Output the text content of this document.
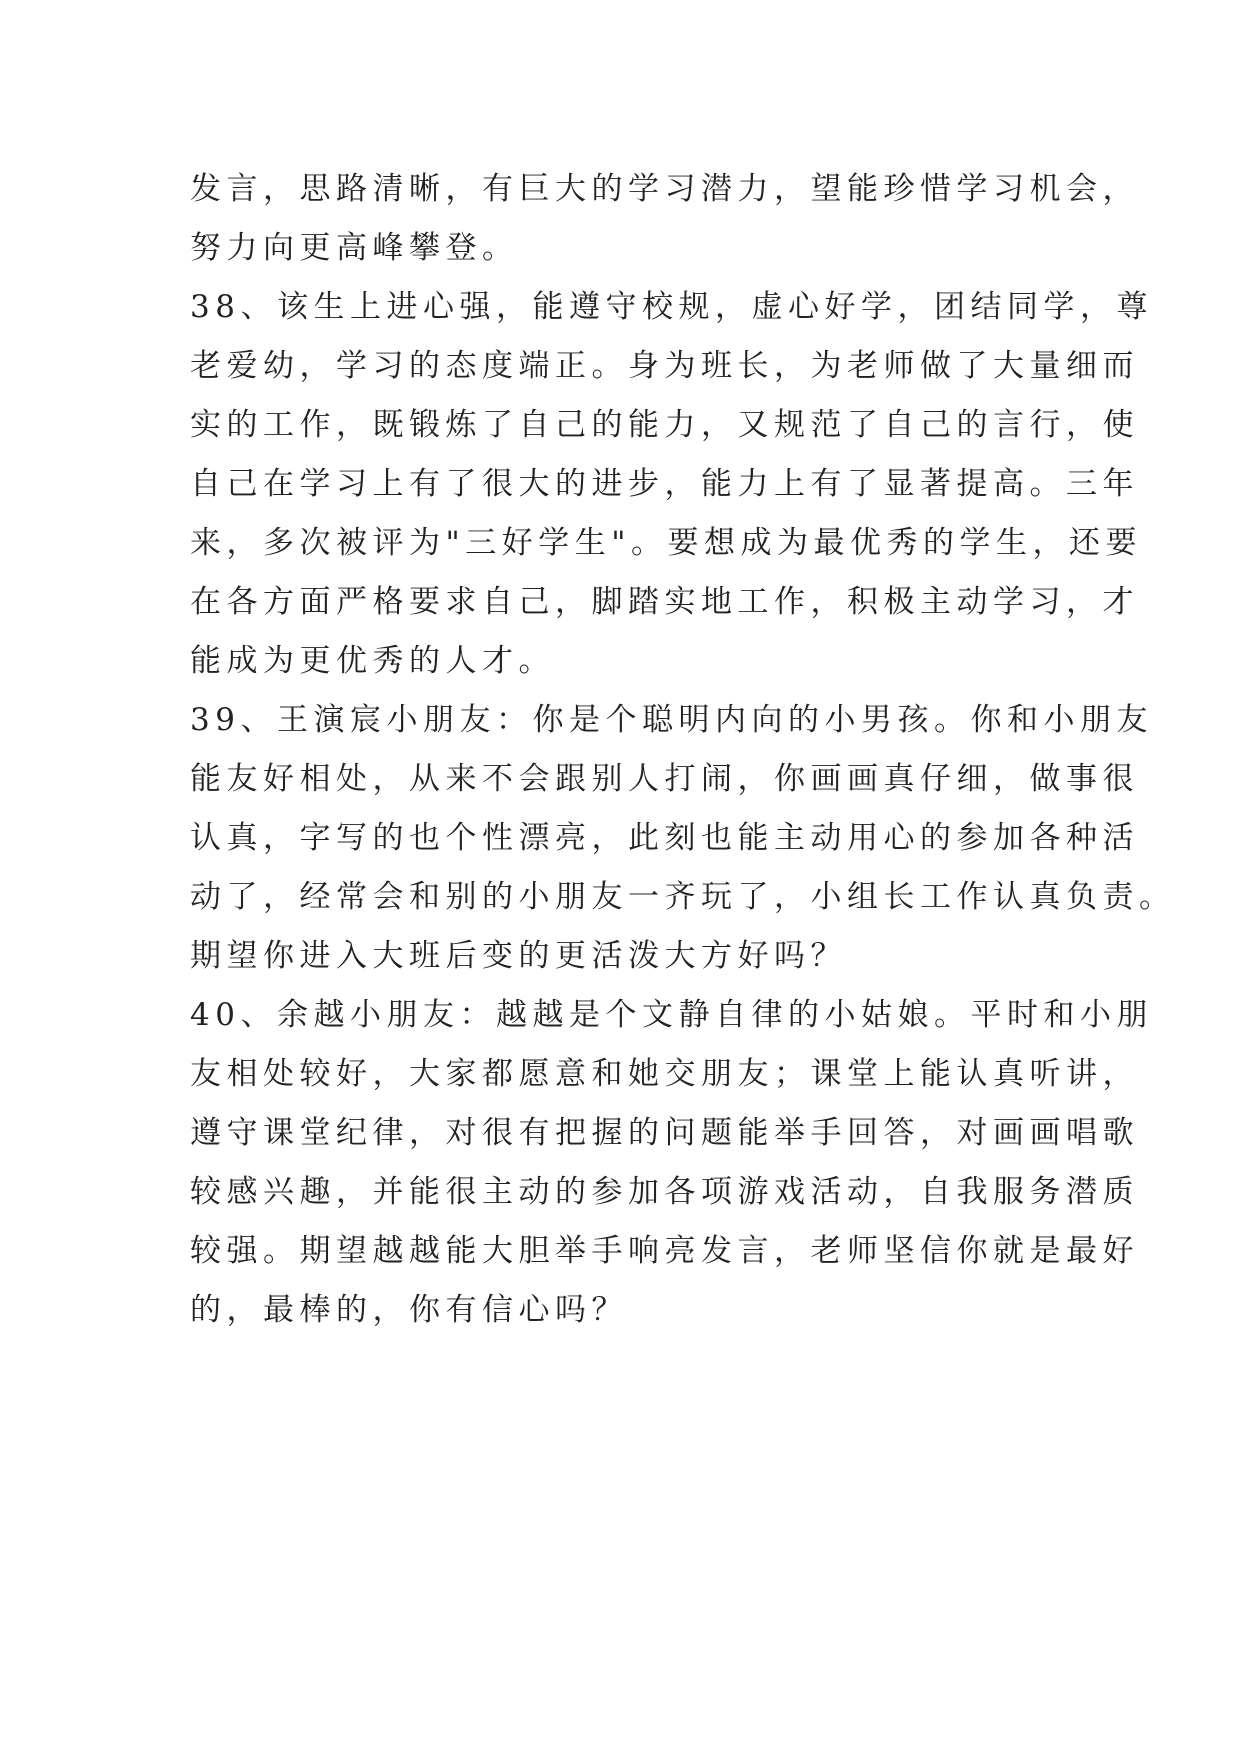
发言，思路清晰，有巨大的学习潜力，望能珍惜学习机会，
努力向更高峰攀登。
38、该生上进心强，能遵守校规，虚心好学，团结同学，尊
老爱幼，学习的态度端正。身为班长，为老师做了大量细而
实的工作，既锻炼了自己的能力，又规范了自己的言行，使
自己在学习上有了很大的进步，能力上有了显著提高。三年
来，多次被评为"三好学生"。要想成为最优秀的学生，还要
在各方面严格要求自己，脚踏实地工作，积极主动学习，才
能成为更优秀的人才。
39、王演宸小朋友：你是个聪明内向的小男孩。你和小朋友
能友好相处，从来不会跟别人打闹，你画画真仔细，做事很
认真，字写的也个性漂亮，此刻也能主动用心的参加各种活
动了，经常会和别的小朋友一齐玩了，小组长工作认真负责。
期望你进入大班后变的更活泼大方好吗？
40、余越小朋友：越越是个文静自律的小姑娘。平时和小朋
友相处较好，大家都愿意和她交朋友；课堂上能认真听讲，
遵守课堂纪律，对很有把握的问题能举手回答，对画画唱歌
较感兴趣，并能很主动的参加各项游戏活动，自我服务潜质
较强。期望越越能大胆举手响亮发言，老师坚信你就是最好
的，最棒的，你有信心吗？
